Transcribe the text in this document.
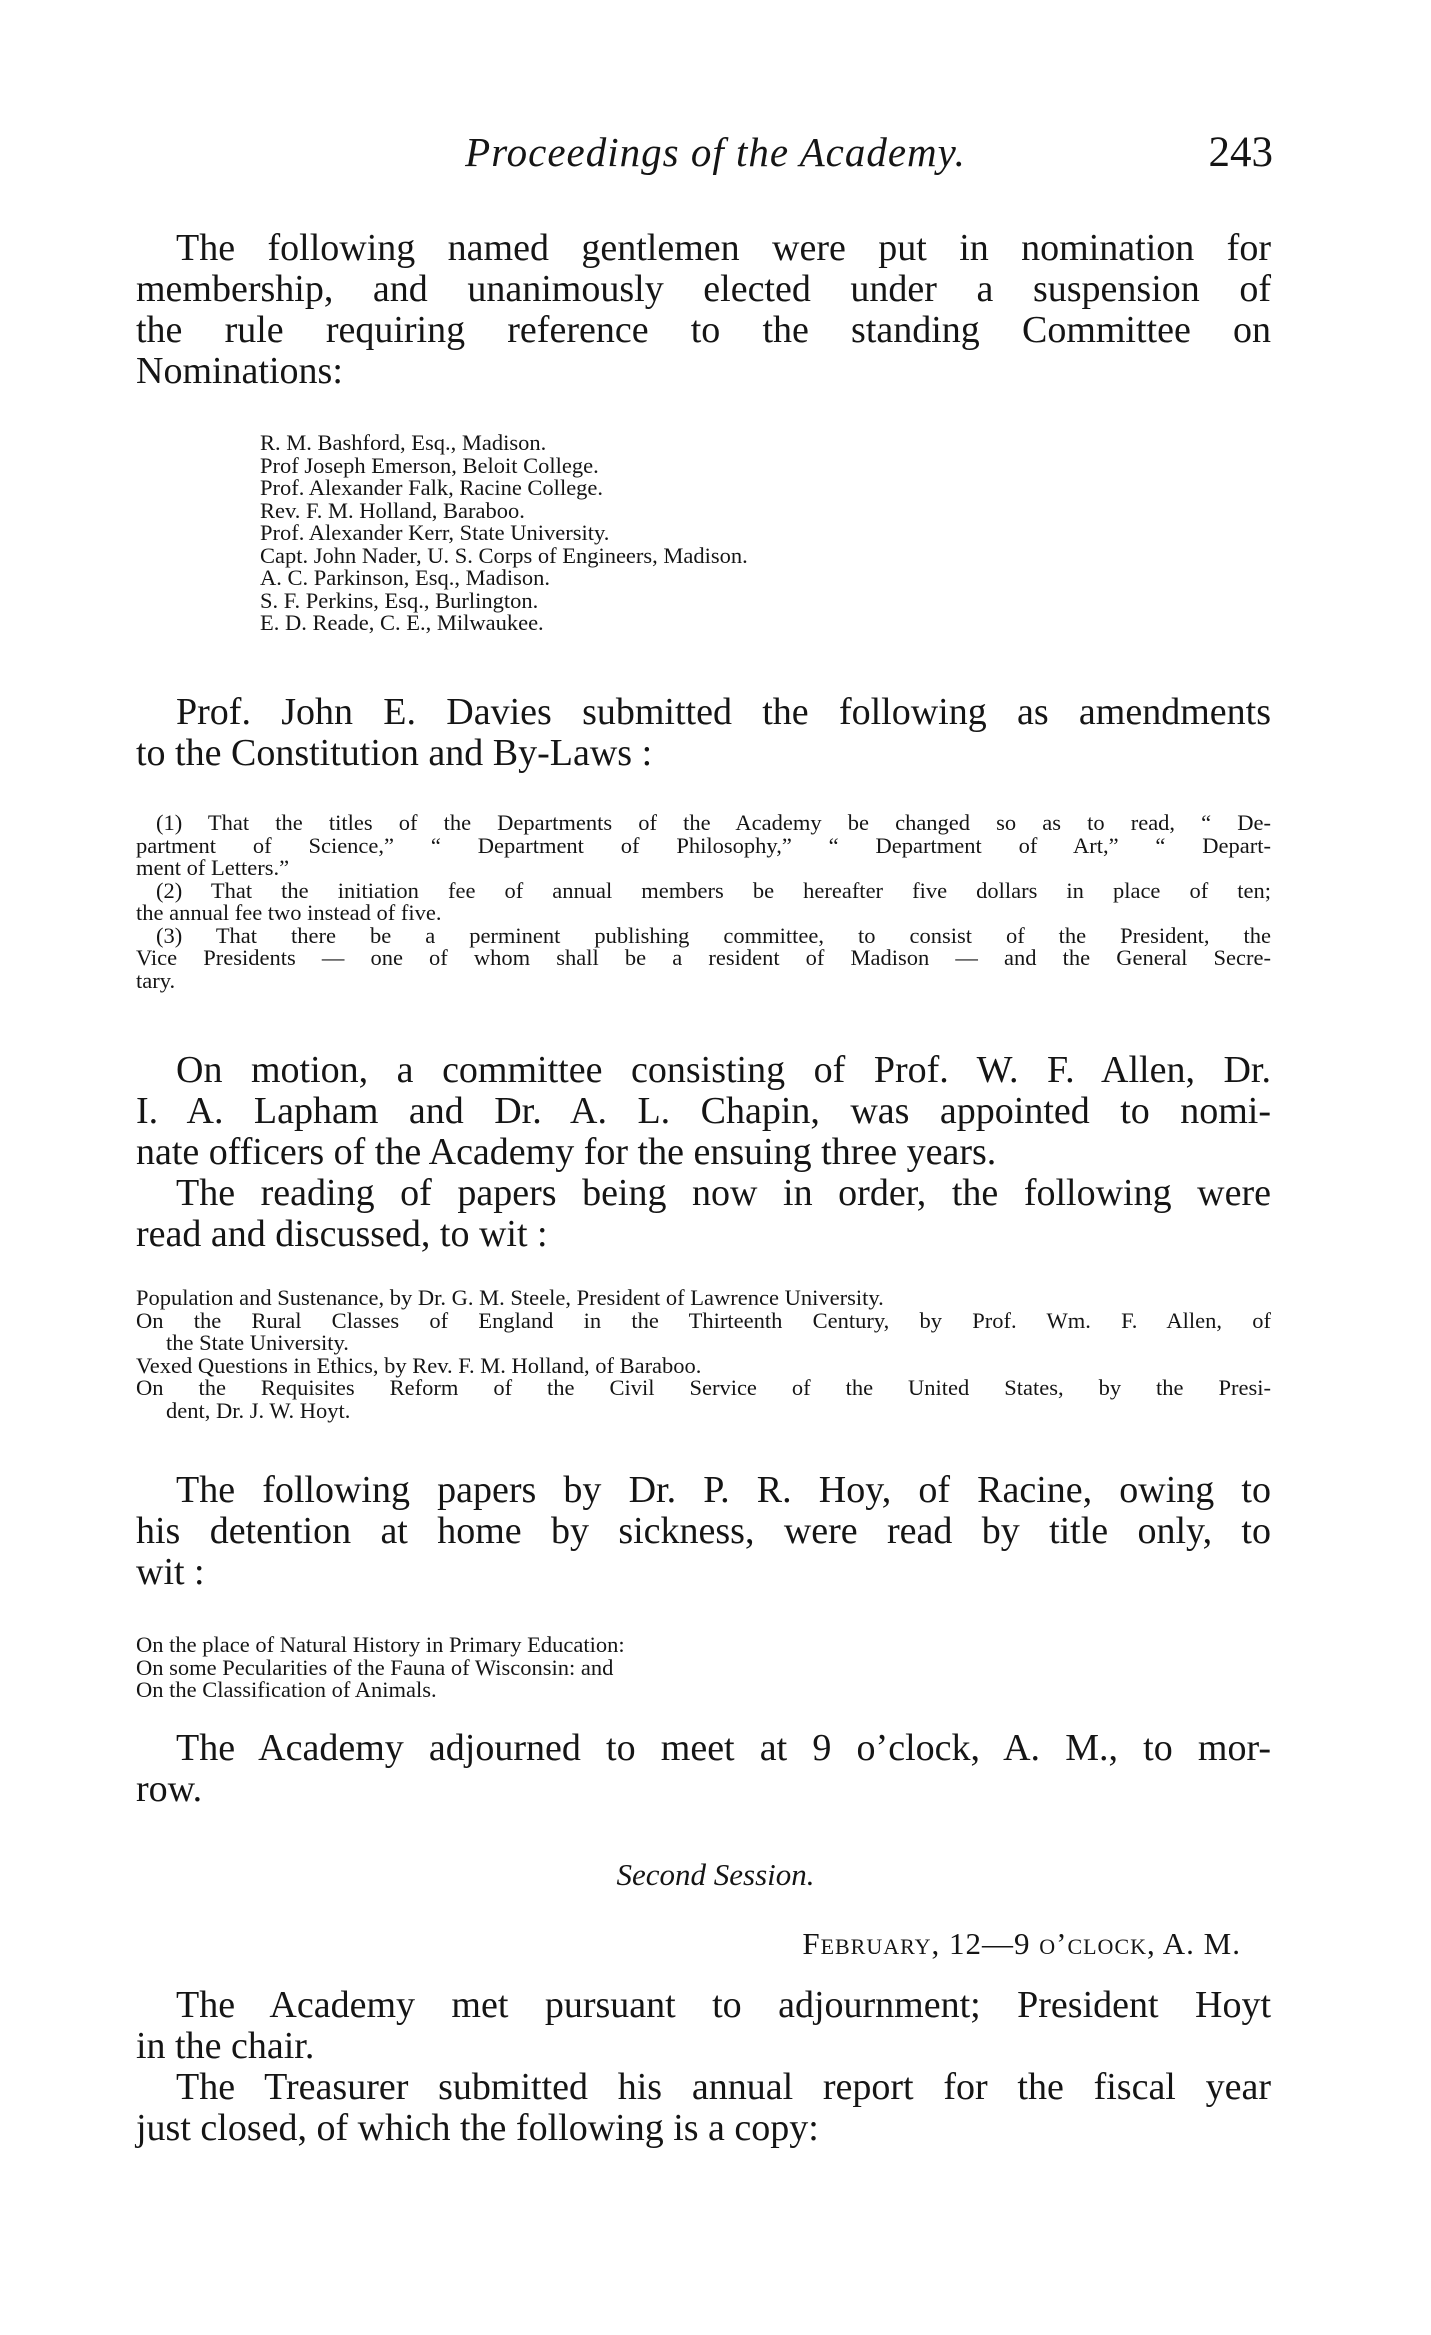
Proceedings of the Academy.	243
The following named gentlemen were put in nomination for
membership, and unanimously elected under a suspension of
the rule requiring reference to the standing Committee on
Nominations:
R. M. Bashford, Esq., Madison.
Prof Joseph Emerson, Beloit College.
Prof. Alexander Falk, Racine College.
Rev. F. M. Holland, Baraboo.
Prof. Alexander Kerr, State University.
Capt. John Nader, U. S. Corps of Engineers, Madison.
A. C. Parkinson, Esq., Madison.
S. F. Perkins, Esq., Burlington.
E. D. Reade, C. E., Milwaukee.
Prof. John E. Davies submitted the following as amendments
to the Constitution and By-Laws :
(1) That the titles of the Departments of the Academy be changed so as to read, “ De-
partment of Science,” “ Department of Philosophy,” “ Department of Art,” “ Depart-
ment of Letters.”
(2) That the initiation fee of annual members be hereafter five dollars in place of ten;
the annual fee two instead of five.
(3) That there be a perminent publishing committee, to consist of the President, the
Vice Presidents — one of whom shall be a resident of Madison — and the General Secre-
tary.
On motion, a committee consisting of Prof. W. F. Allen, Dr.
I. A. Lapham and Dr. A. L. Chapin, was appointed to nomi-
nate officers of the Academy for the ensuing three years.
The reading of papers being now in order, the following were
read and discussed, to wit :
Population and Sustenance, by Dr. G. M. Steele, President of Lawrence University.
On the Rural Classes of England in the Thirteenth Century, by Prof. Wm. F. Allen, of
the State University.
Vexed Questions in Ethics, by Rev. F. M. Holland, of Baraboo.
On the Requisites Reform of the Civil Service of the United States, by the Presi-
dent, Dr. J. W. Hoyt.
The following papers by Dr. P. R. Hoy, of Racine, owing to
his detention at home by sickness, were read by title only, to
wit :
On the place of Natural History in Primary Education:
On some Pecularities of the Fauna of Wisconsin: and
On the Classification of Animals.
The Academy adjourned to meet at 9 o’clock, A. M., to mor-
row.
Second Session.
February, 12—9 o’clock, A. M.
The Academy met pursuant to adjournment; President Hoyt
in the chair.
The Treasurer submitted his annual report for the fiscal year
just closed, of which the following is a copy:
